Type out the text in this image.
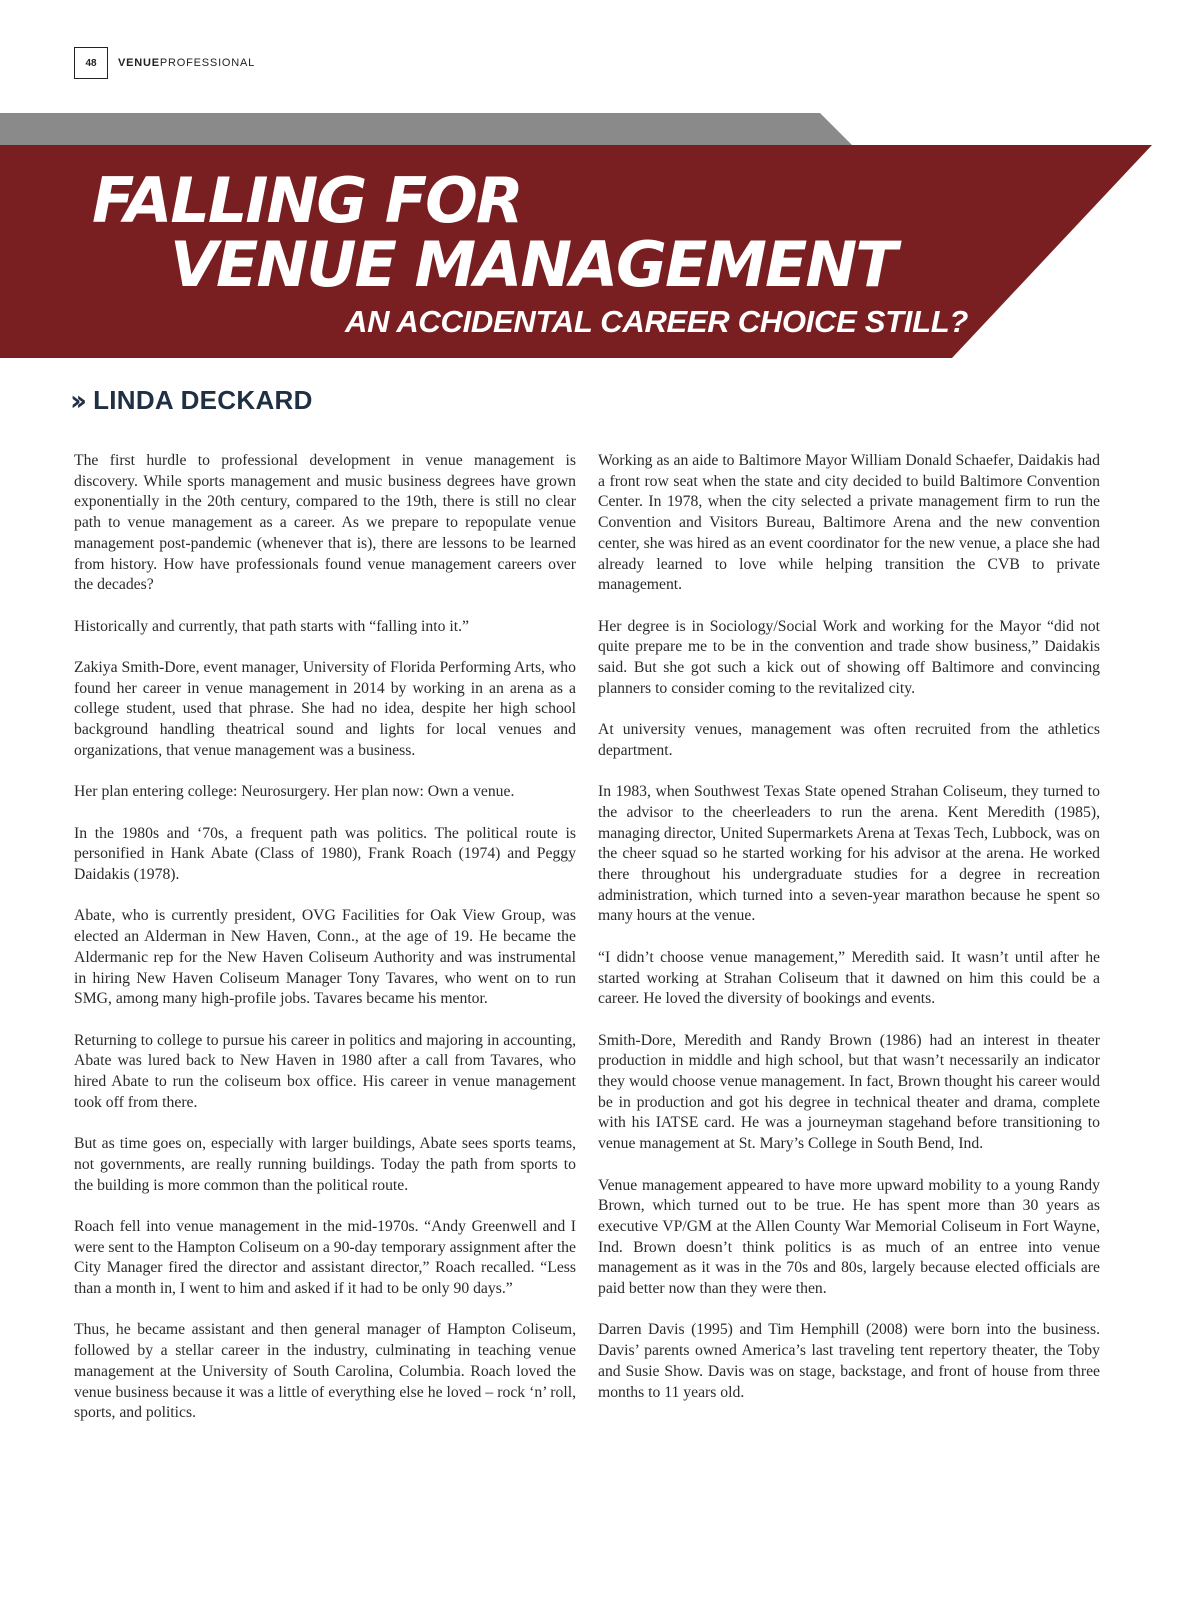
48	VENUEPROFESSIONAL
FALLING FOR
VENUE MANAGEMENT
AN ACCIDENTAL CAREER CHOICE STILL?
›› LINDA DECKARD

The first hurdle to professional development in venue management is discovery. While sports management and music business degrees have grown exponentially in the 20th century, compared to the 19th, there is still no clear path to venue management as a career. As we prepare to repopulate venue management post-pandemic (whenever that is), there are lessons to be learned from history. How have professionals found venue management careers over the decades?

Historically and currently, that path starts with “falling into it.”

Zakiya Smith-Dore, event manager, University of Florida Performing Arts, who found her career in venue management in 2014 by working in an arena as a college student, used that phrase. She had no idea, despite her high school background handling theatrical sound and lights for local venues and organizations, that venue management was a business.

Her plan entering college: Neurosurgery. Her plan now: Own a venue.

In the 1980s and ‘70s, a frequent path was politics. The political route is personified in Hank Abate (Class of 1980), Frank Roach (1974) and Peggy Daidakis (1978).

Abate, who is currently president, OVG Facilities for Oak View Group, was elected an Alderman in New Haven, Conn., at the age of 19. He became the Aldermanic rep for the New Haven Coliseum Authority and was instrumental in hiring New Haven Coliseum Manager Tony Tavares, who went on to run SMG, among many high-profile jobs. Tavares became his mentor.

Returning to college to pursue his career in politics and majoring in accounting, Abate was lured back to New Haven in 1980 after a call from Tavares, who hired Abate to run the coliseum box office. His career in venue management took off from there.

But as time goes on, especially with larger buildings, Abate sees sports teams, not governments, are really running buildings. Today the path from sports to the building is more common than the political route.

Roach fell into venue management in the mid-1970s. “Andy Greenwell and I were sent to the Hampton Coliseum on a 90-day temporary assignment after the City Manager fired the director and assistant director,” Roach recalled. “Less than a month in, I went to him and asked if it had to be only 90 days.”

Thus, he became assistant and then general manager of Hampton Coliseum, followed by a stellar career in the industry, culminating in teaching venue management at the University of South Carolina, Columbia. Roach loved the venue business because it was a little of everything else he loved – rock ‘n’ roll, sports, and politics.

Working as an aide to Baltimore Mayor William Donald Schaefer, Daidakis had a front row seat when the state and city decided to build Baltimore Convention Center. In 1978, when the city selected a private management firm to run the Convention and Visitors Bureau, Baltimore Arena and the new convention center, she was hired as an event coordinator for the new venue, a place she had already learned to love while helping transition the CVB to private management.

Her degree is in Sociology/Social Work and working for the Mayor “did not quite prepare me to be in the convention and trade show business,” Daidakis said. But she got such a kick out of showing off Baltimore and convincing planners to consider coming to the revitalized city.

At university venues, management was often recruited from the athletics department.

In 1983, when Southwest Texas State opened Strahan Coliseum, they turned to the advisor to the cheerleaders to run the arena. Kent Meredith (1985), managing director, United Supermarkets Arena at Texas Tech, Lubbock, was on the cheer squad so he started working for his advisor at the arena. He worked there throughout his undergraduate studies for a degree in recreation administration, which turned into a seven-year marathon because he spent so many hours at the venue.

“I didn’t choose venue management,” Meredith said. It wasn’t until after he started working at Strahan Coliseum that it dawned on him this could be a career. He loved the diversity of bookings and events.

Smith-Dore, Meredith and Randy Brown (1986) had an interest in theater production in middle and high school, but that wasn’t necessarily an indicator they would choose venue management. In fact, Brown thought his career would be in production and got his degree in technical theater and drama, complete with his IATSE card. He was a journeyman stagehand before transitioning to venue management at St. Mary’s College in South Bend, Ind.

Venue management appeared to have more upward mobility to a young Randy Brown, which turned out to be true. He has spent more than 30 years as executive VP/GM at the Allen County War Memorial Coliseum in Fort Wayne, Ind. Brown doesn’t think politics is as much of an entree into venue management as it was in the 70s and 80s, largely because elected officials are paid better now than they were then.

Darren Davis (1995) and Tim Hemphill (2008) were born into the business. Davis’ parents owned America’s last traveling tent repertory theater, the Toby and Susie Show. Davis was on stage, backstage, and front of house from three months to 11 years old.
